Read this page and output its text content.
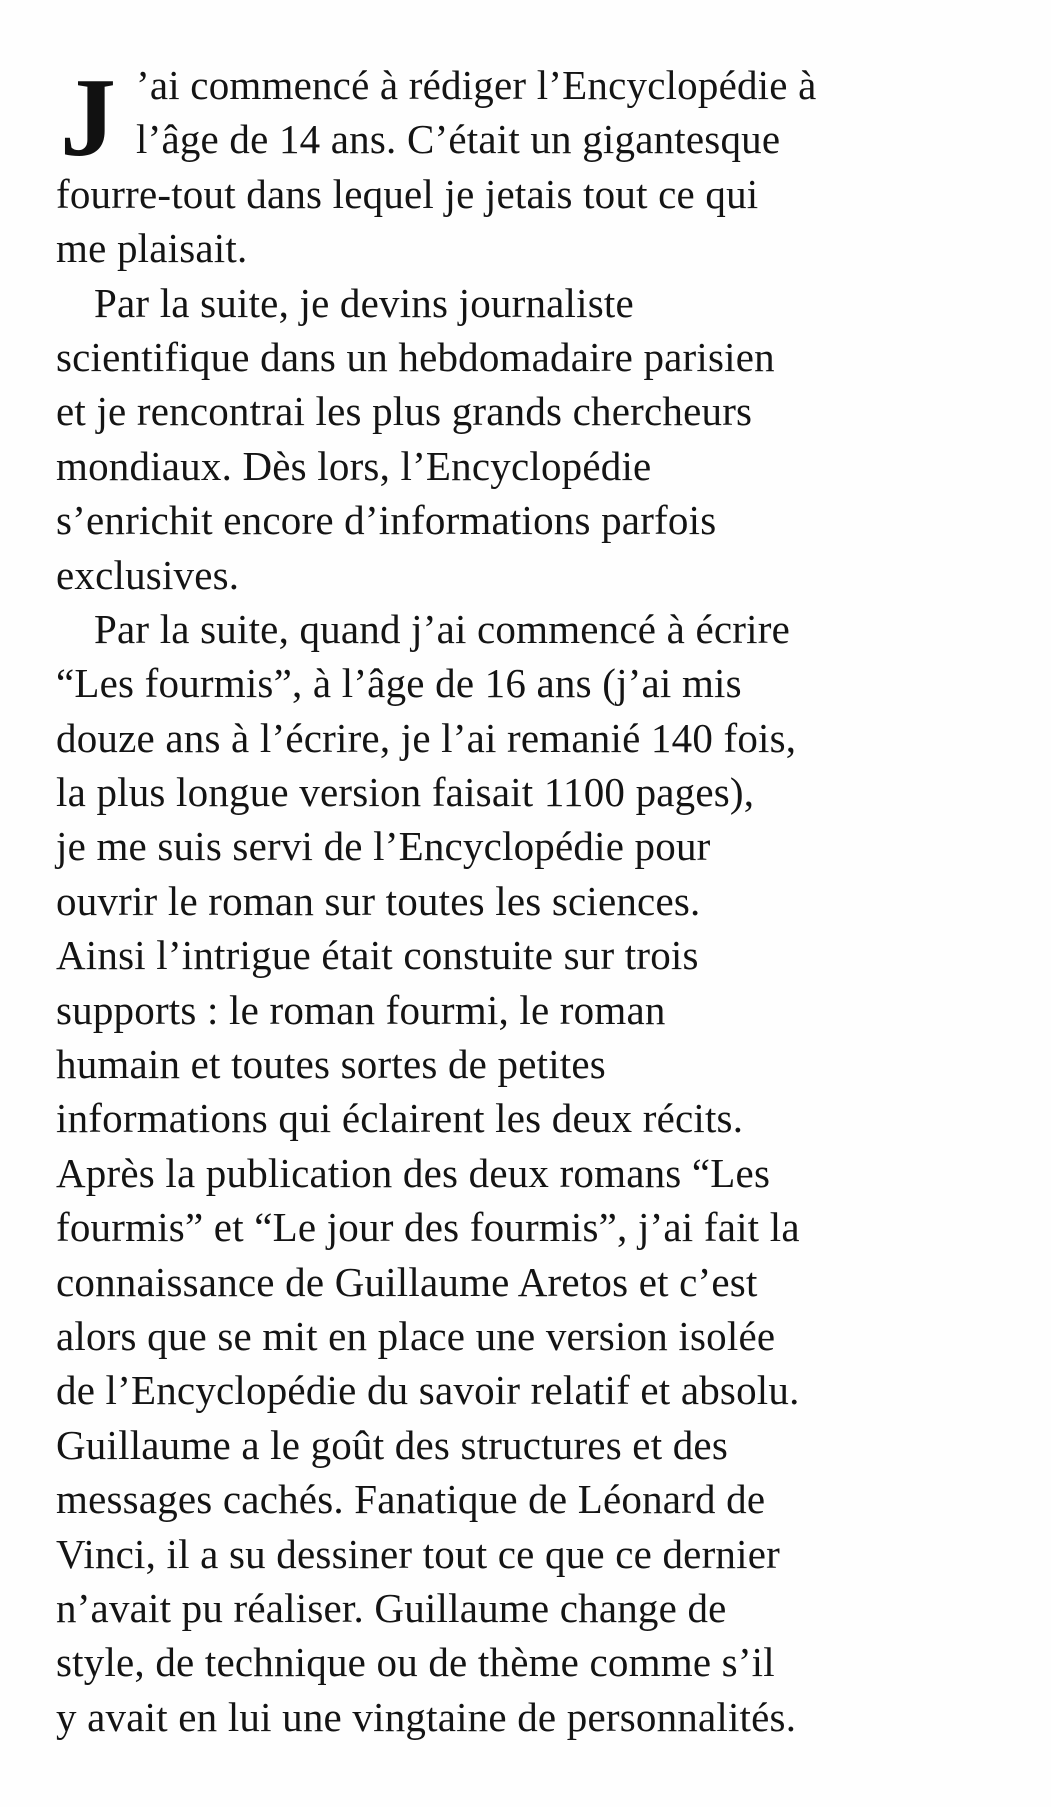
J ’ai commencé à rédiger l’Encyclopédie à
l’âge de 14 ans. C’était un gigantesque
fourre-tout dans lequel je jetais tout ce qui
me plaisait.
Par la suite, je devins journaliste
scientifique dans un hebdomadaire parisien
et je rencontrai les plus grands chercheurs
mondiaux. Dès lors, l’Encyclopédie
s’enrichit encore d’informations parfois
exclusives.
Par la suite, quand j’ai commencé à écrire
“Les fourmis”, à l’âge de 16 ans (j’ai mis
douze ans à l’écrire, je l’ai remanié 140 fois,
la plus longue version faisait 1100 pages),
je me suis servi de l’Encyclopédie pour
ouvrir le roman sur toutes les sciences.
Ainsi l’intrigue était constuite sur trois
supports : le roman fourmi, le roman
humain et toutes sortes de petites
informations qui éclairent les deux récits.
Après la publication des deux romans “Les
fourmis” et “Le jour des fourmis”, j’ai fait la
connaissance de Guillaume Aretos et c’est
alors que se mit en place une version isolée
de l’Encyclopédie du savoir relatif et absolu.
Guillaume a le goût des structures et des
messages cachés. Fanatique de Léonard de
Vinci, il a su dessiner tout ce que ce dernier
n’avait pu réaliser. Guillaume change de
style, de technique ou de thème comme s’il
y avait en lui une vingtaine de personnalités.
